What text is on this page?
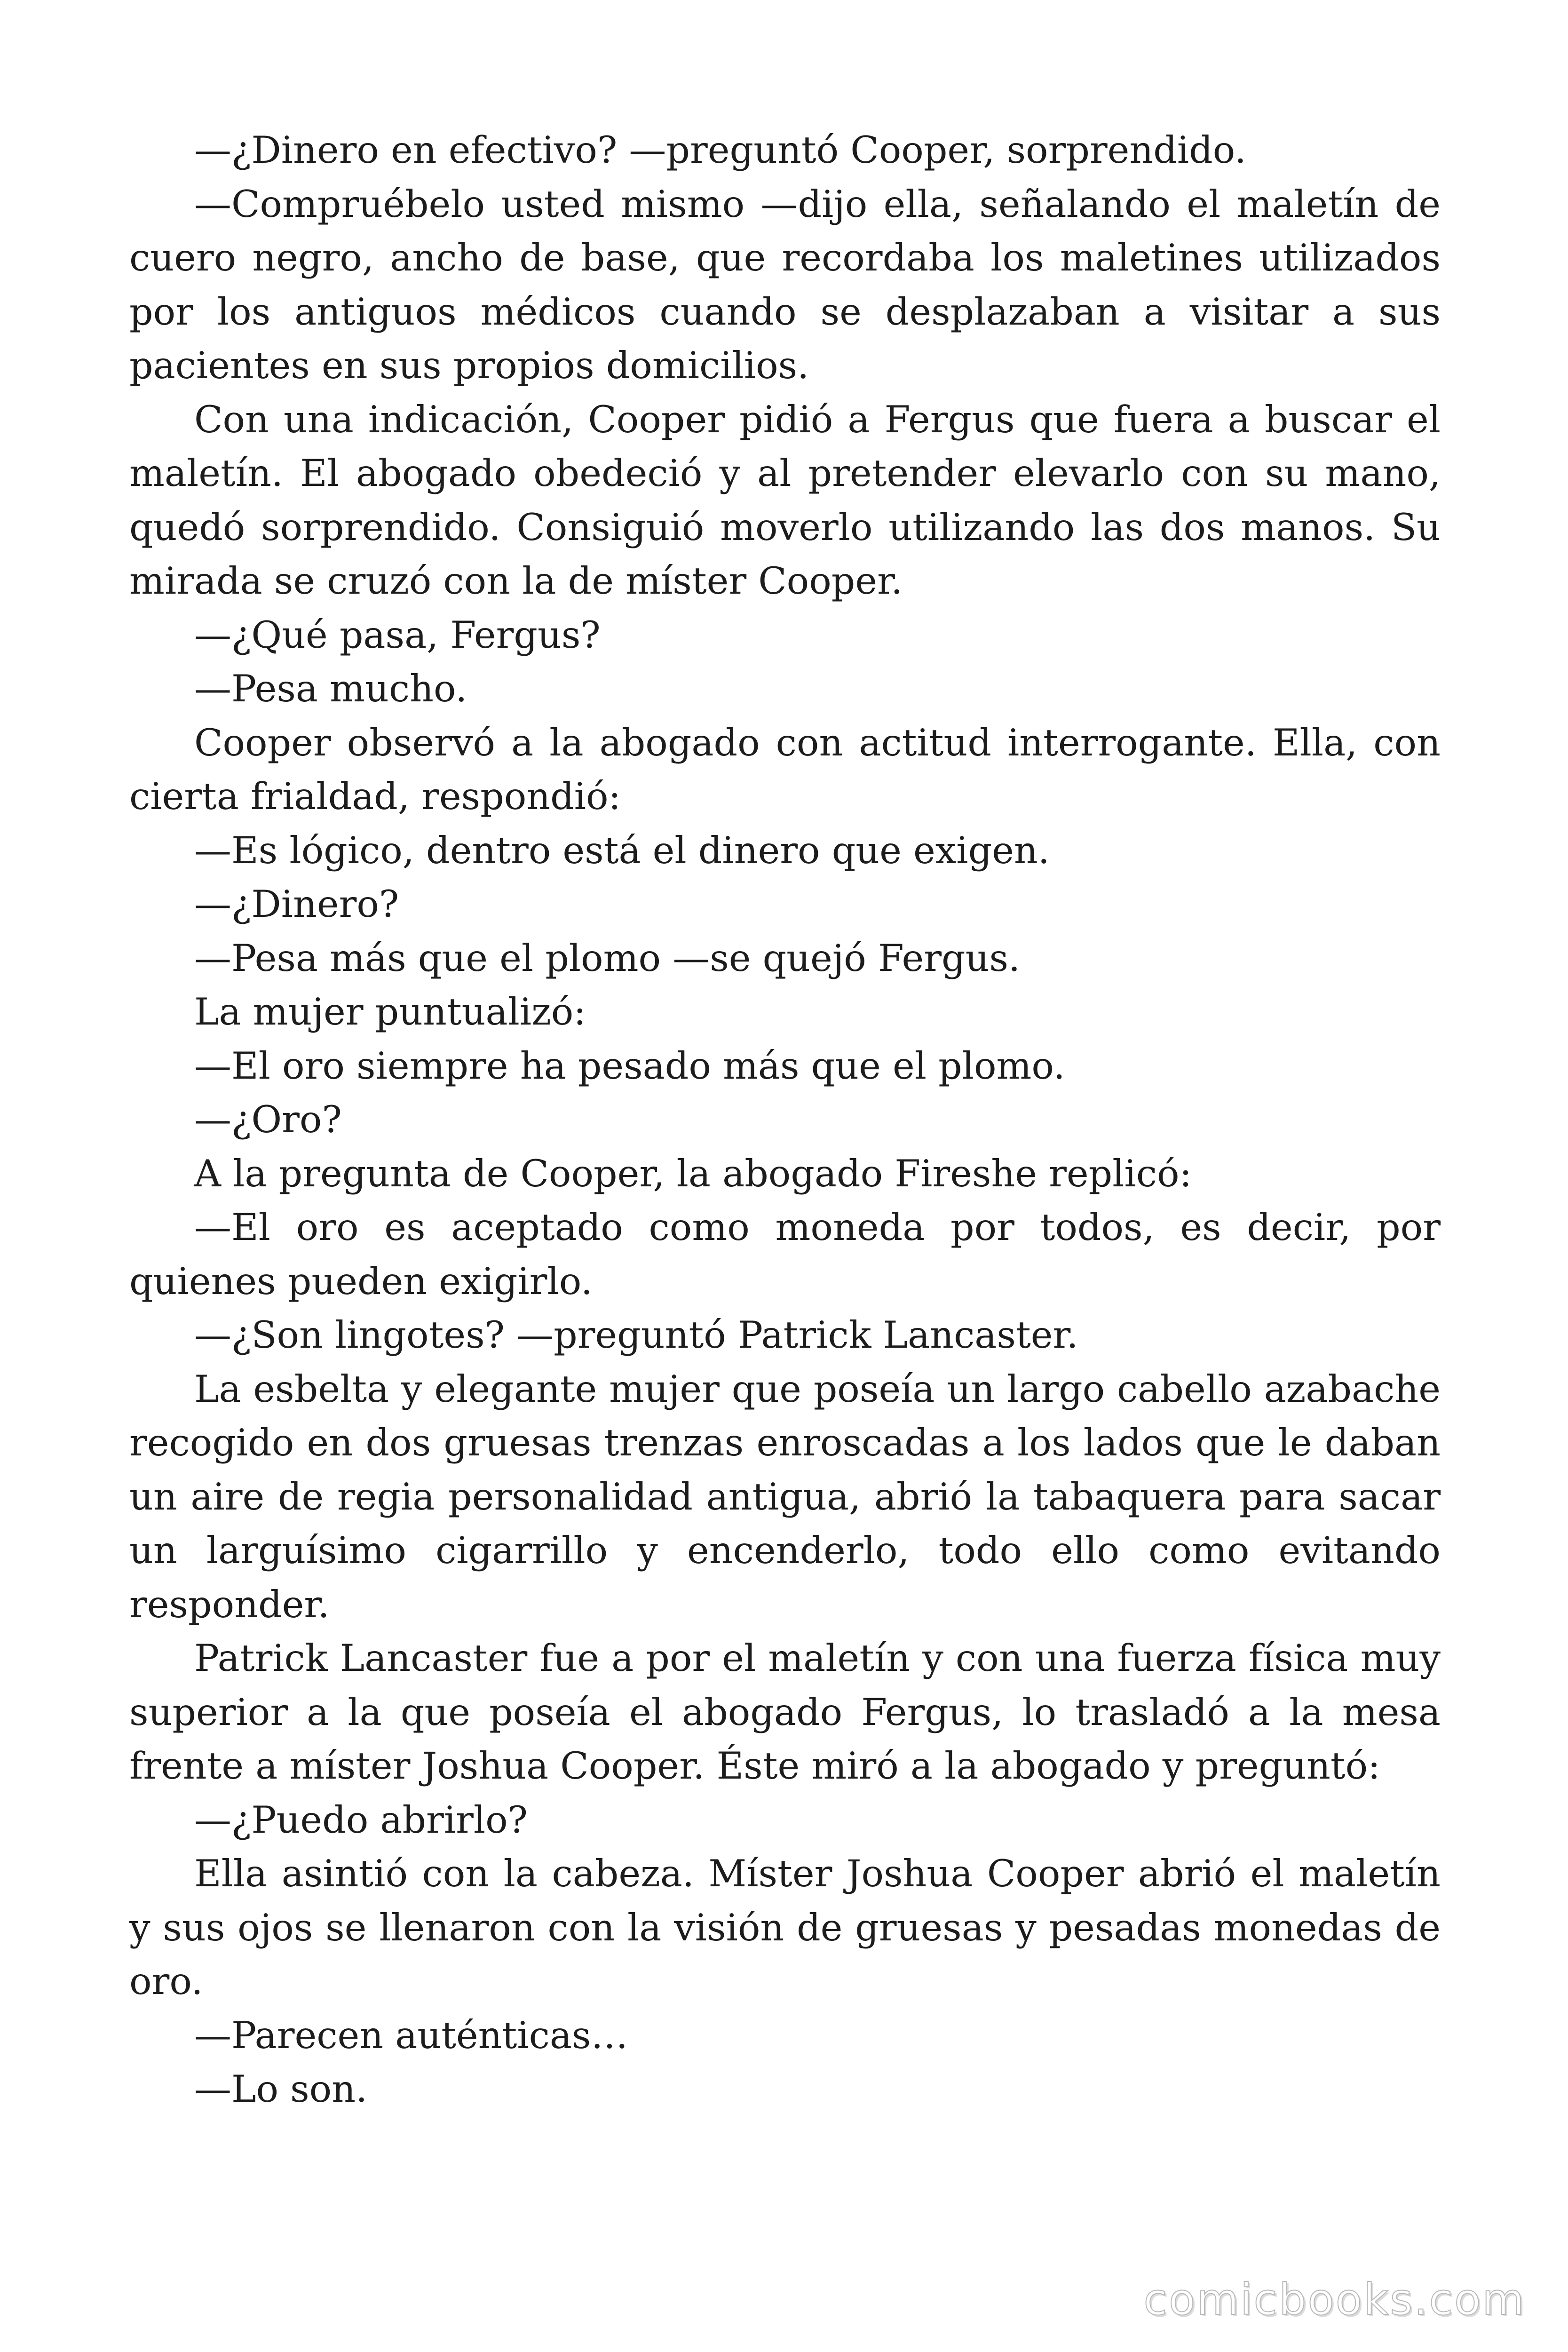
—¿Dinero en efectivo? —preguntó Cooper, sorprendido.

—Compruébelo usted mismo —dijo ella, señalando el maletín de cuero negro, ancho de base, que recordaba los maletines utilizados por los antiguos médicos cuando se desplazaban a visitar a sus pacientes en sus propios domicilios.

Con una indicación, Cooper pidió a Fergus que fuera a buscar el maletín. El abogado obedeció y al pretender elevarlo con su mano, quedó sorprendido. Consiguió moverlo utilizando las dos manos. Su mirada se cruzó con la de míster Cooper.

—¿Qué pasa, Fergus?

—Pesa mucho.

Cooper observó a la abogado con actitud interrogante. Ella, con cierta frialdad, respondió:

—Es lógico, dentro está el dinero que exigen.

—¿Dinero?

—Pesa más que el plomo —se quejó Fergus.

La mujer puntualizó:

—El oro siempre ha pesado más que el plomo.

—¿Oro?

A la pregunta de Cooper, la abogado Fireshe replicó:

—El oro es aceptado como moneda por todos, es decir, por quienes pueden exigirlo.

—¿Son lingotes? —preguntó Patrick Lancaster.

La esbelta y elegante mujer que poseía un largo cabello azabache recogido en dos gruesas trenzas enroscadas a los lados que le daban un aire de regia personalidad antigua, abrió la tabaquera para sacar un larguísimo cigarrillo y encenderlo, todo ello como evitando responder.

Patrick Lancaster fue a por el maletín y con una fuerza física muy superior a la que poseía el abogado Fergus, lo trasladó a la mesa frente a míster Joshua Cooper. Éste miró a la abogado y preguntó:

—¿Puedo abrirlo?

Ella asintió con la cabeza. Míster Joshua Cooper abrió el maletín y sus ojos se llenaron con la visión de gruesas y pesadas monedas de oro.

—Parecen auténticas…

—Lo son.

comicbooks.com
